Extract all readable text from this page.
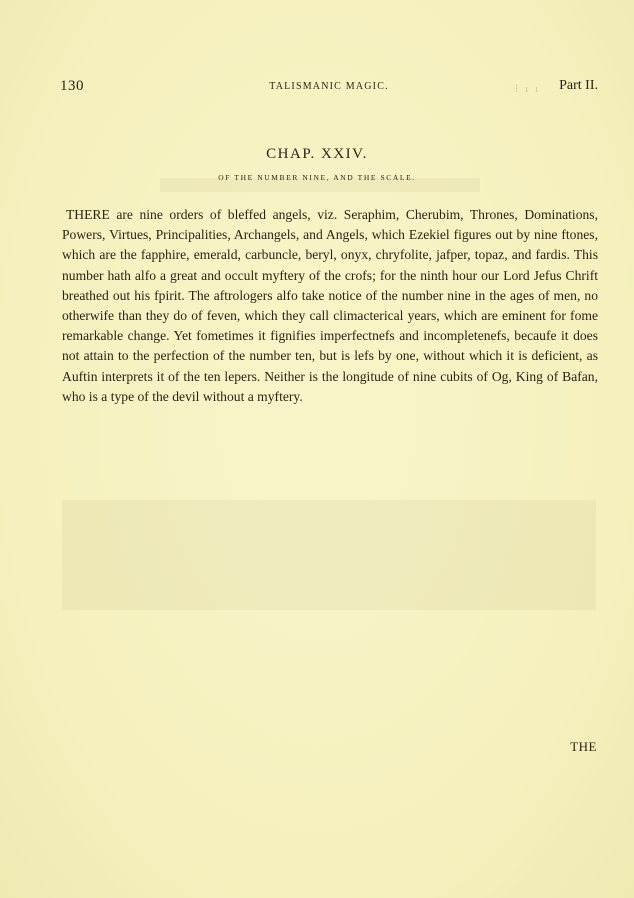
130	TALISMANIC MAGIC.	⁝ ı ı Part II.
CHAP. XXIV.
OF THE NUMBER NINE, AND THE SCALE.

THERE are nine orders of bleffed angels, viz. Seraphim, Cherubim, Thrones, Dominations, Powers, Virtues, Principalities, Archangels, and Angels, which Ezekiel figures out by nine ftones, which are the fapphire, emerald, carbuncle, beryl, onyx, chryfolite, jafper, topaz, and fardis. This number hath alfo a great and occult myftery of the crofs; for the ninth hour our Lord Jefus Chrift breathed out his fpirit. The aftrologers alfo take notice of the number nine in the ages of men, no otherwife than they do of feven, which they call climacterical years, which are eminent for fome remarkable change. Yet fometimes it fignifies imperfectnefs and incompletenefs, becaufe it does not attain to the perfection of the number ten, but is lefs by one, without which it is deficient, as Auftin interprets it of the ten lepers. Neither is the longitude of nine cubits of Og, King of Bafan, who is a type of the devil without a myftery.

THE
